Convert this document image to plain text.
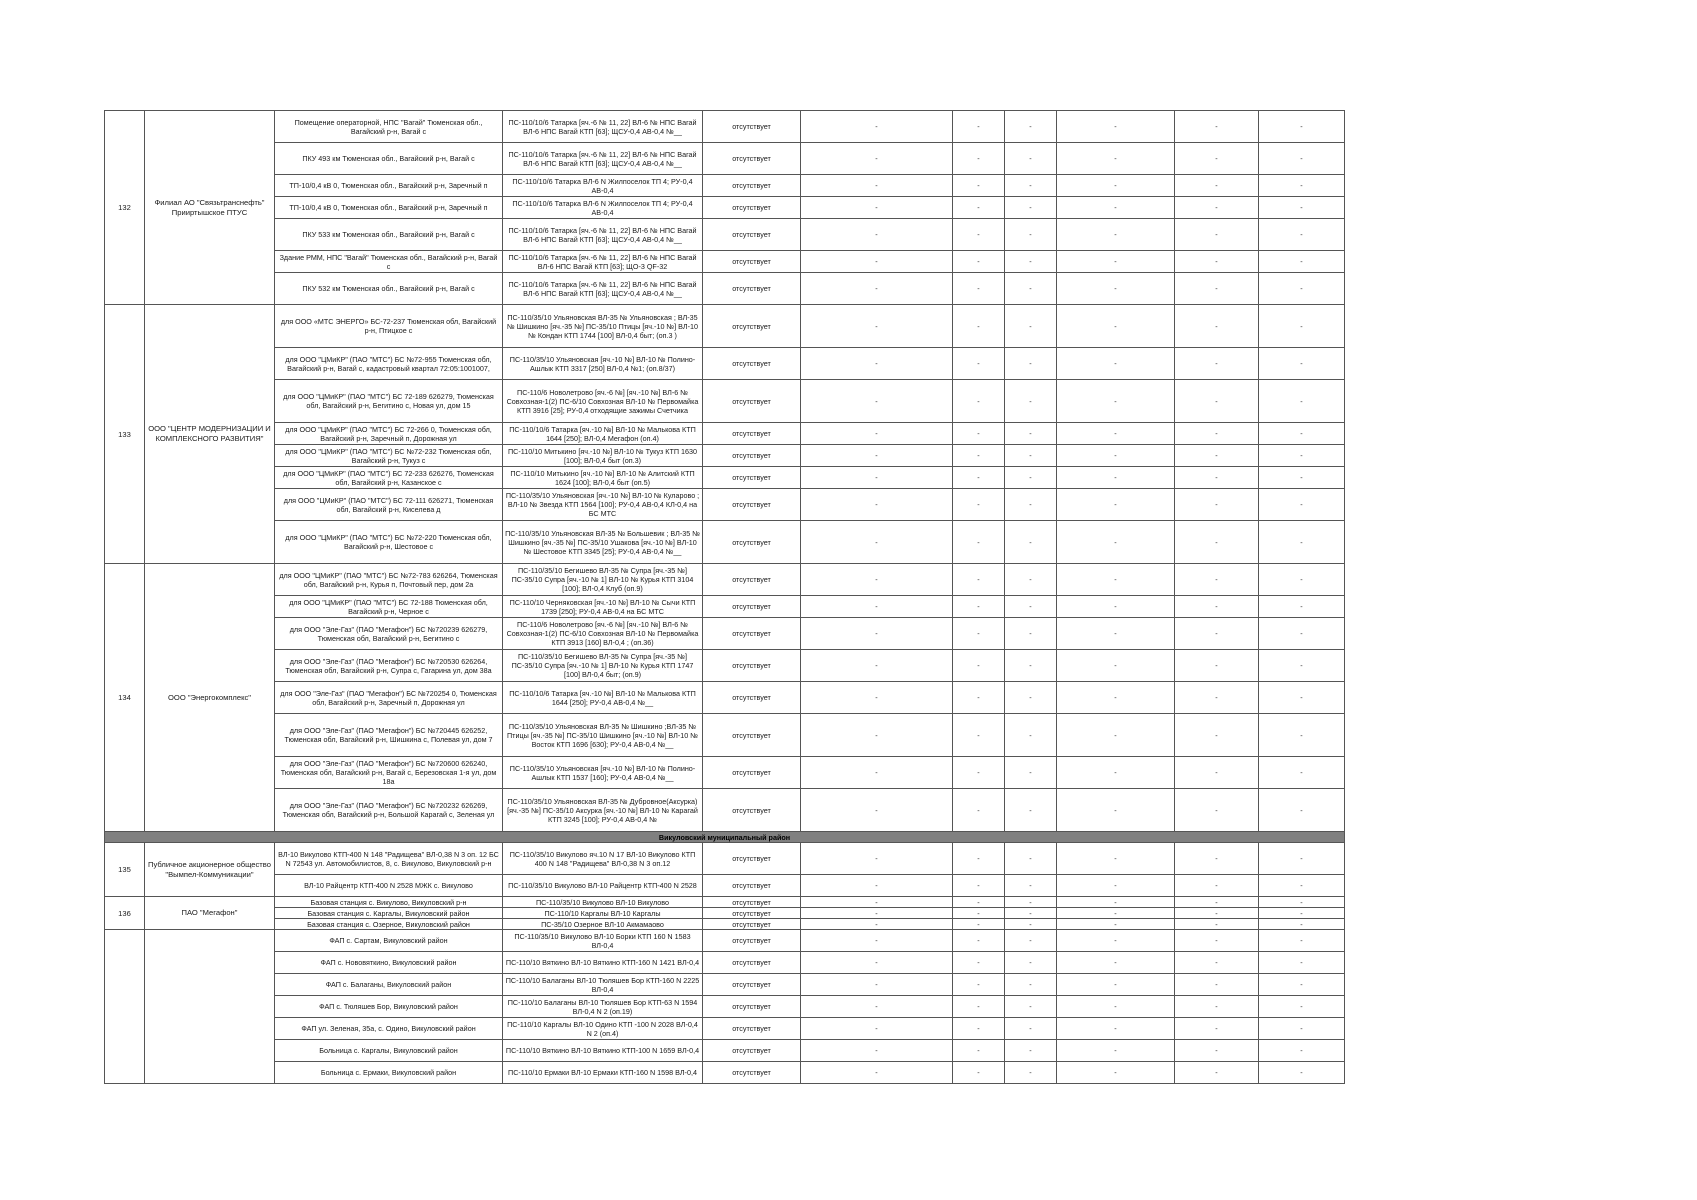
132	Филиал АО "Связьтранснефть" Прииртышское ПТУС	Помещение операторной, НПС "Вагай" Тюменская обл., Вагайский р-н, Вагай с	ПС-110/10/6 Татарка [яч.-6 № 11, 22] ВЛ-6 № НПС Вагай ВЛ-6 НПС Вагай КТП [63]; ЩСУ-0,4 АВ-0,4 №__	отсутствует	-	-	-	-	-	-
		ПКУ 493 км Тюменская обл., Вагайский р-н, Вагай с	ПС-110/10/6 Татарка [яч.-6 № 11, 22] ВЛ-6 № НПС Вагай ВЛ-6 НПС Вагай КТП [63]; ЩСУ-0,4 АВ-0,4 №__	отсутствует	-	-	-	-	-	-
		ТП-10/0,4 кВ 0, Тюменская обл., Вагайский р-н, Заречный п	ПС-110/10/6 Татарка ВЛ-6 N Жилпоселок ТП 4; РУ-0,4 АВ-0,4	отсутствует	-	-	-	-	-	-
		ТП-10/0,4 кВ 0, Тюменская обл., Вагайский р-н, Заречный п	ПС-110/10/6 Татарка ВЛ-6 N Жилпоселок ТП 4; РУ-0,4 АВ-0,4	отсутствует	-	-	-	-	-	-
		ПКУ 533 км Тюменская обл., Вагайский р-н, Вагай с	ПС-110/10/6 Татарка [яч.-6 № 11, 22] ВЛ-6 № НПС Вагай ВЛ-6 НПС Вагай КТП [63]; ЩСУ-0,4 АВ-0,4 №__	отсутствует	-	-	-	-	-	-
		Здание РММ, НПС "Вагай" Тюменская обл., Вагайский р-н, Вагай с	ПС-110/10/6 Татарка [яч.-6 № 11, 22] ВЛ-6 № НПС Вагай ВЛ-6 НПС Вагай КТП [63]; ЩО-3 QF-32	отсутствует	-	-	-	-	-	-
		ПКУ 532 км Тюменская обл., Вагайский р-н, Вагай с	ПС-110/10/6 Татарка [яч.-6 № 11, 22] ВЛ-6 № НПС Вагай ВЛ-6 НПС Вагай КТП [63]; ЩСУ-0,4 АВ-0,4 №__	отсутствует	-	-	-	-	-	-
133	ООО "ЦЕНТР МОДЕРНИЗАЦИИ И КОМПЛЕКСНОГО РАЗВИТИЯ"	для ООО «МТС ЭНЕРГО» БС-72-237 Тюменская обл, Вагайский р-н, Птицкое с	ПС-110/35/10 Ульяновская ВЛ-35 № Ульяновская ; ВЛ-35 № Шишкино [яч.-35 №] ПС-35/10 Птицы [яч.-10 №] ВЛ-10 № Кондан КТП 1744 [100] ВЛ-0,4 быт; (оп.3 )	отсутствует	-	-	-	-	-	-
		для ООО "ЦМиКР" (ПАО "МТС") БС №72-955 Тюменская обл, Вагайский р-н, Вагай с, кадастровый квартал 72:05:1001007,	ПС-110/35/10 Ульяновская [яч.-10 №] ВЛ-10 № Полино-Ашлык КТП 3317 [250] ВЛ-0,4 №1; (оп.8/37)	отсутствует	-	-	-	-	-	-
		для ООО "ЦМиКР" (ПАО "МТС") БС 72-189 626279, Тюменская обл, Вагайский р-н, Бегитино с, Новая ул, дом 15	ПС-110/6 Новолетрово [яч.-6 №] [яч.-10 №] ВЛ-6 № Совхозная-1(2) ПС-6/10 Совхозная ВЛ-10 № Первомайка КТП 3916 [25]; РУ-0,4 отходящие зажимы Счетчика	отсутствует	-	-	-	-	-	-
		для ООО "ЦМиКР" (ПАО "МТС") БС 72-266 0, Тюменская обл, Вагайский р-н, Заречный п, Дорожная ул	ПС-110/10/6 Татарка [яч.-10 №] ВЛ-10 № Малькова КТП 1644 [250]; ВЛ-0,4 Мегафон (оп.4)	отсутствует	-	-	-	-	-	-
		для ООО "ЦМиКР" (ПАО "МТС") БС №72-232 Тюменская обл, Вагайский р-н, Тукуз с	ПС-110/10 Митькино [яч.-10 №] ВЛ-10 № Тукуз КТП 1630 [100]; ВЛ-0,4 быт (оп.3)	отсутствует	-	-	-	-	-	-
		для ООО "ЦМиКР" (ПАО "МТС") БС 72-233 626276, Тюменская обл, Вагайский р-н, Казанское с	ПС-110/10 Митькино [яч.-10 №] ВЛ-10 № Алитский КТП 1624 [100]; ВЛ-0,4 быт (оп.5)	отсутствует	-	-	-	-	-	-
		для ООО "ЦМиКР" (ПАО "МТС") БС 72-111 626271, Тюменская обл, Вагайский р-н, Киселева д	ПС-110/35/10 Ульяновская [яч.-10 №] ВЛ-10 № Куларово ; ВЛ-10 № Звезда КТП 1564 [100]; РУ-0,4 АВ-0,4 КЛ-0,4 на БС МТС	отсутствует	-	-	-	-	-	-
		для ООО "ЦМиКР" (ПАО "МТС") БС №72-220 Тюменская обл, Вагайский р-н, Шестовое с	ПС-110/35/10 Ульяновская ВЛ-35 № Большевик ; ВЛ-35 № Шишкино [яч.-35 №] ПС-35/10 Ушакова [яч.-10 №] ВЛ-10 № Шестовое КТП 3345 [25]; РУ-0,4 АВ-0,4 №__	отсутствует	-	-	-	-	-	-
134	ООО "Энергокомплекс"	для ООО "ЦМиКР" (ПАО "МТС") БС №72-783 626264, Тюменская обл, Вагайский р-н, Курья п, Почтовый пер, дом 2а	ПС-110/35/10 Бегишево ВЛ-35 № Супра [яч.-35 №] ПС-35/10 Супра [яч.-10 № 1] ВЛ-10 № Курья КТП 3104 [100]; ВЛ-0,4 Клуб (оп.9)	отсутствует	-	-	-	-	-	-
		для ООО "ЦМиКР" (ПАО "МТС") БС 72-188 Тюменская обл, Вагайский р-н, Черное с	ПС-110/10 Черняковская [яч.-10 №] ВЛ-10 № Сычи КТП 1739 [250]; РУ-0,4 АВ-0,4 на БС МТС	отсутствует	-	-	-	-	-	-
		для ООО "Эле-Газ" (ПАО "Мегафон") БС №720239 626279, Тюменская обл, Вагайский р-н, Бегитино с	ПС-110/6 Новолетрово [яч.-6 №] [яч.-10 №] ВЛ-6 № Совхозная-1(2) ПС-6/10 Совхозная ВЛ-10 № Первомайка КТП 3913 [160] ВЛ-0,4 ; (оп.36)	отсутствует	-	-	-	-	-	-
		для ООО "Эле-Газ" (ПАО "Мегафон") БС №720530 626264, Тюменская обл, Вагайский р-н, Супра с, Гагарина ул, дом 38а	ПС-110/35/10 Бегишево ВЛ-35 № Супра [яч.-35 №] ПС-35/10 Супра [яч.-10 № 1] ВЛ-10 № Курья КТП 1747 [100] ВЛ-0,4 быт; (оп.9)	отсутствует	-	-	-	-	-	-
		для ООО "Эле-Газ" (ПАО "Мегафон") БС №720254 0, Тюменская обл, Вагайский р-н, Заречный п, Дорожная ул	ПС-110/10/6 Татарка [яч.-10 №] ВЛ-10 № Малькова КТП 1644 [250]; РУ-0,4 АВ-0,4 №__	отсутствует	-	-	-	-	-	-
		для ООО "Эле-Газ" (ПАО "Мегафон") БС №720445 626252, Тюменская обл, Вагайский р-н, Шишкина с, Полевая ул, дом 7	ПС-110/35/10 Ульяновская ВЛ-35 № Шишкино ;ВЛ-35 № Птицы [яч.-35 №] ПС-35/10 Шишкино [яч.-10 №] ВЛ-10 № Восток КТП 1696 [630]; РУ-0,4 АВ-0,4 №__	отсутствует	-	-	-	-	-	-
		для ООО "Эле-Газ" (ПАО "Мегафон") БС №720600 626240, Тюменская обл, Вагайский р-н, Вагай с, Березовская 1-я ул, дом 18а	ПС-110/35/10 Ульяновская [яч.-10 №] ВЛ-10 № Полино-Ашлык КТП 1537 [160]; РУ-0,4 АВ-0,4 №__	отсутствует	-	-	-	-	-	-
		для ООО "Эле-Газ" (ПАО "Мегафон") БС №720232 626269, Тюменская обл, Вагайский р-н, Большой Карагай с, Зеленая ул	ПС-110/35/10 Ульяновская ВЛ-35 № Дубровное(Аксурка) [яч.-35 №] ПС-35/10 Аксурка [яч.-10 №] ВЛ-10 № Карагай КТП 3245 [100]; РУ-0,4 АВ-0,4 №	отсутствует	-	-	-	-	-	-
Викуловский муниципальный район										
135	Публичное акционерное общество "Вымпел-Коммуникации"	ВЛ-10 Викулово КТП-400 N 148 "Радищева" ВЛ-0,38 N 3 оп. 12 БС N 72543 ул. Автомобилистов, 8, с. Викулово, Викуловский р-н	ПС-110/35/10 Викулово яч.10 N 17 ВЛ-10 Викулово КТП 400 N 148 "Радищева" ВЛ-0,38 N 3 оп.12	отсутствует	-	-	-	-	-	-
		ВЛ-10 Райцентр КТП-400 N 2528 МЖК с. Викулово	ПС-110/35/10 Викулово ВЛ-10 Райцентр КТП-400 N 2528	отсутствует	-	-	-	-	-	-
136	ПАО "Мегафон"	Базовая станция с. Викулово, Викуловский р-н	ПС-110/35/10 Викулово ВЛ-10 Викулово	отсутствует	-	-	-	-	-	-
		Базовая станция с. Каргалы, Викуловский район	ПС-110/10 Каргалы ВЛ-10 Каргалы	отсутствует	-	-	-	-	-	-
		Базовая станция с. Озерное, Викуловский район	ПС-35/10 Озерное ВЛ-10 Акмамаово	отсутствует	-	-	-	-	-	-
		ФАП с. Сартам, Викуловский район	ПС-110/35/10 Викулово ВЛ-10 Борки КТП 160 N 1583 ВЛ-0,4	отсутствует	-	-	-	-	-	-
		ФАП с. Нововяткино, Викуловский район	ПС-110/10 Вяткино ВЛ-10 Вяткино КТП-160 N 1421 ВЛ-0,4	отсутствует	-	-	-	-	-	-
		ФАП с. Балаганы, Викуловский район	ПС-110/10 Балаганы ВЛ-10 Тюляшев Бор КТП-160 N 2225 ВЛ-0,4	отсутствует	-	-	-	-	-	-
		ФАП с. Тюляшев Бор, Викуловский район	ПС-110/10 Балаганы ВЛ-10 Тюляшев Бор КТП-63 N 1594 ВЛ-0,4 N 2 (оп.19)	отсутствует	-	-	-	-	-	-
		ФАП ул. Зеленая, 35а, с. Одино, Викуловский район	ПС-110/10 Каргалы ВЛ-10 Одино КТП -100 N 2028 ВЛ-0,4 N 2 (оп.4)	отсутствует	-	-	-	-	-	-
		Больница с. Каргалы, Викуловский район	ПС-110/10 Вяткино ВЛ-10 Вяткино КТП-100 N 1659 ВЛ-0,4	отсутствует	-	-	-	-	-	-
		Больница с. Ермаки, Викуловский район	ПС-110/10 Ермаки ВЛ-10 Ермаки КТП-160 N 1598 ВЛ-0,4	отсутствует	-	-	-	-	-	-
